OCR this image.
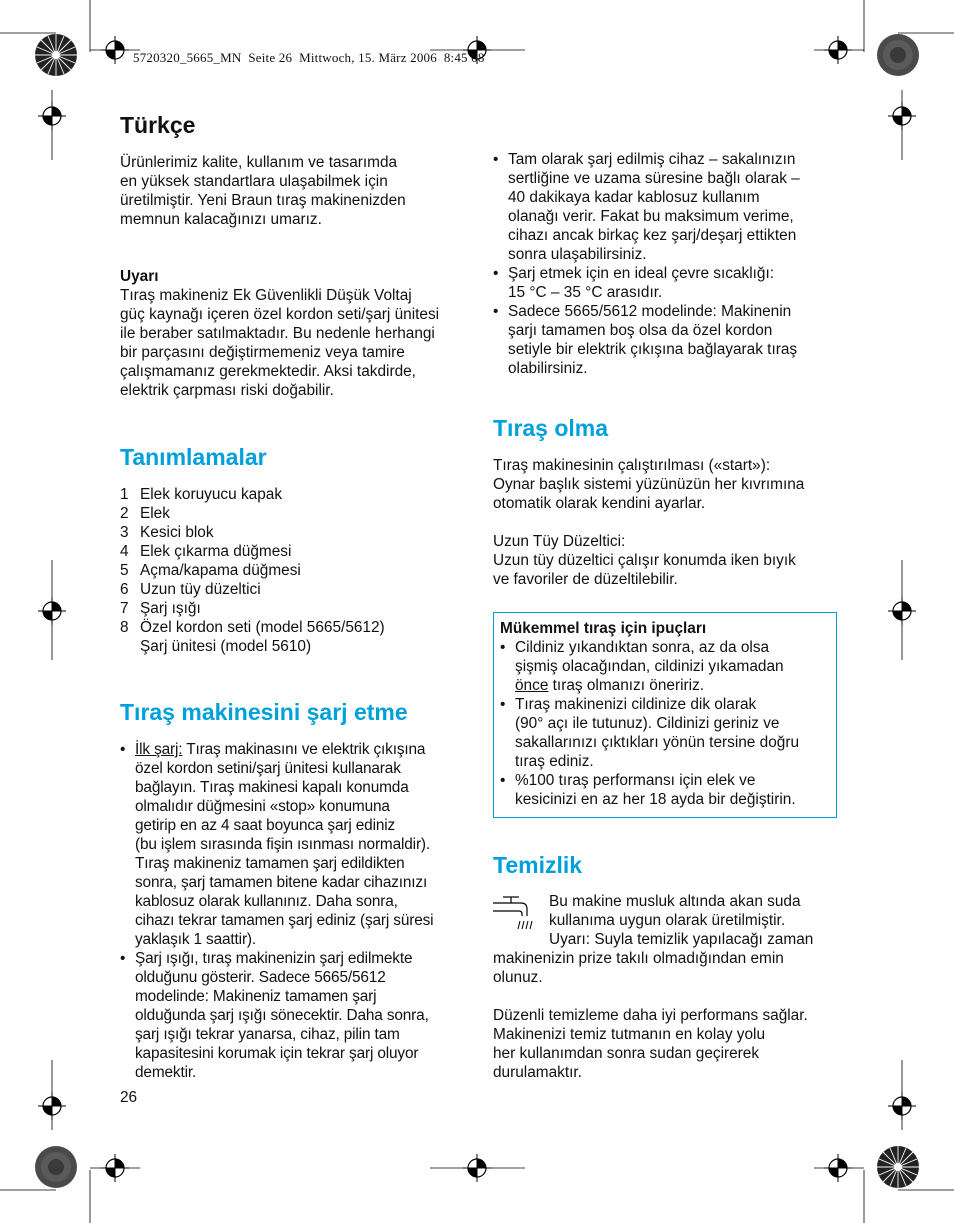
5720320_5665_MN  Seite 26  Mittwoch, 15. März 2006  8:45 08
Türkçe
Ürünlerimiz kalite, kullanım ve tasarımda
en yüksek standartlara ulaşabilmek için
üretilmiştir. Yeni Braun tıraş makinenizden
memnun kalacağınızı umarız.
Uyarı
Tıraş makineniz Ek Güvenlikli Düşük Voltaj
güç kaynağı içeren özel kordon seti/şarj ünitesi
ile beraber satılmaktadır. Bu nedenle herhangi
bir parçasını değiştirmemeniz veya tamire
çalışmamanız gerekmektedir. Aksi takdirde,
elektrik çarpması riski doğabilir.
Tanımlamalar
1 Elek koruyucu kapak
2 Elek
3 Kesici blok
4 Elek çıkarma düğmesi
5 Açma/kapama düğmesi
6 Uzun tüy düzeltici
7 Şarj ışığı
8 Özel kordon seti (model 5665/5612)
Şarj ünitesi (model 5610)
Tıraş makinesini şarj etme
• İlk şarj: Tıraş makinasını ve elektrik çıkışına
özel kordon setini/şarj ünitesi kullanarak
bağlayın. Tıraş makinesi kapalı konumda
olmalıdır düğmesini «stop» konumuna
getirip en az 4 saat boyunca şarj ediniz
(bu işlem sırasında fişin ısınması normaldir).
Tıraş makineniz tamamen şarj edildikten
sonra, şarj tamamen bitene kadar cihazınızı
kablosuz olarak kullanınız. Daha sonra,
cihazı tekrar tamamen şarj ediniz (şarj süresi
yaklaşık 1 saattir).
• Şarj ışığı, tıraş makinenizin şarj edilmekte
olduğunu gösterir. Sadece 5665/5612
modelinde: Makineniz tamamen şarj
olduğunda şarj ışığı sönecektir. Daha sonra,
şarj ışığı tekrar yanarsa, cihaz, pilin tam
kapasitesini korumak için tekrar şarj oluyor
demektir.
26
• Tam olarak şarj edilmiş cihaz – sakalınızın
sertliğine ve uzama süresine bağlı olarak –
40 dakikaya kadar kablosuz kullanım
olanağı verir. Fakat bu maksimum verime,
cihazı ancak birkaç kez şarj/deşarj ettikten
sonra ulaşabilirsiniz.
• Şarj etmek için en ideal çevre sıcaklığı:
15 °C – 35 °C arasıdır.
• Sadece 5665/5612 modelinde: Makinenin
şarjı tamamen boş olsa da özel kordon
setiyle bir elektrik çıkışına bağlayarak tıraş
olabilirsiniz.
Tıraş olma
Tıraş makinesinin çalıştırılması («start»):
Oynar başlık sistemi yüzünüzün her kıvrımına
otomatik olarak kendini ayarlar.
Uzun Tüy Düzeltici:
Uzun tüy düzeltici çalışır konumda iken bıyık
ve favoriler de düzeltilebilir.
Mükemmel tıraş için ipuçları
• Cildiniz yıkandıktan sonra, az da olsa
şişmiş olacağından, cildinizi yıkamadan
önce tıraş olmanızı öneririz.
• Tıraş makinenizi cildinize dik olarak
(90° açı ile tutunuz). Cildinizi geriniz ve
sakallarınızı çıktıkları yönün tersine doğru
tıraş ediniz.
• %100 tıraş performansı için elek ve
kesicinizi en az her 18 ayda bir değiştirin.
Temizlik
Bu makine musluk altında akan suda
kullanıma uygun olarak üretilmiştir.
Uyarı: Suyla temizlik yapılacağı zaman
makinenizin prize takılı olmadığından emin
olunuz.
Düzenli temizleme daha iyi performans sağlar.
Makinenizi temiz tutmanın en kolay yolu
her kullanımdan sonra sudan geçirerek
durulamaktır.
